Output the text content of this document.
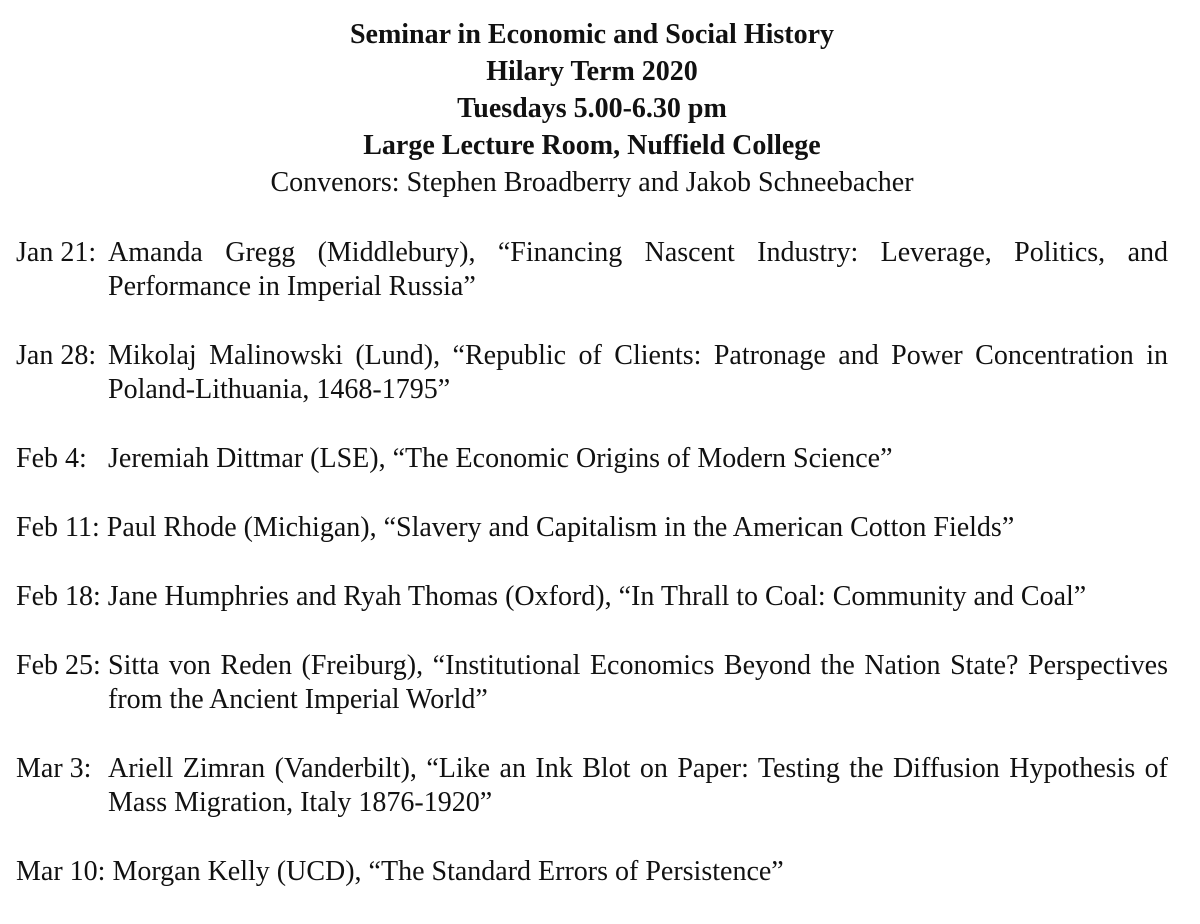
Seminar in Economic and Social History
Hilary Term 2020
Tuesdays 5.00-6.30 pm
Large Lecture Room, Nuffield College
Convenors: Stephen Broadberry and Jakob Schneebacher
Jan 21: Amanda Gregg (Middlebury), “Financing Nascent Industry: Leverage, Politics, and Performance in Imperial Russia”
Jan 28: Mikolaj Malinowski (Lund), “Republic of Clients: Patronage and Power Concentration in Poland-Lithuania, 1468-1795”
Feb 4: Jeremiah Dittmar (LSE), “The Economic Origins of Modern Science”
Feb 11: Paul Rhode (Michigan), “Slavery and Capitalism in the American Cotton Fields”
Feb 18: Jane Humphries and Ryah Thomas (Oxford), “In Thrall to Coal: Community and Coal”
Feb 25: Sitta von Reden (Freiburg), “Institutional Economics Beyond the Nation State? Perspectives from the Ancient Imperial World”
Mar 3: Ariell Zimran (Vanderbilt), “Like an Ink Blot on Paper: Testing the Diffusion Hypothesis of Mass Migration, Italy 1876-1920”
Mar 10: Morgan Kelly (UCD), “The Standard Errors of Persistence”
